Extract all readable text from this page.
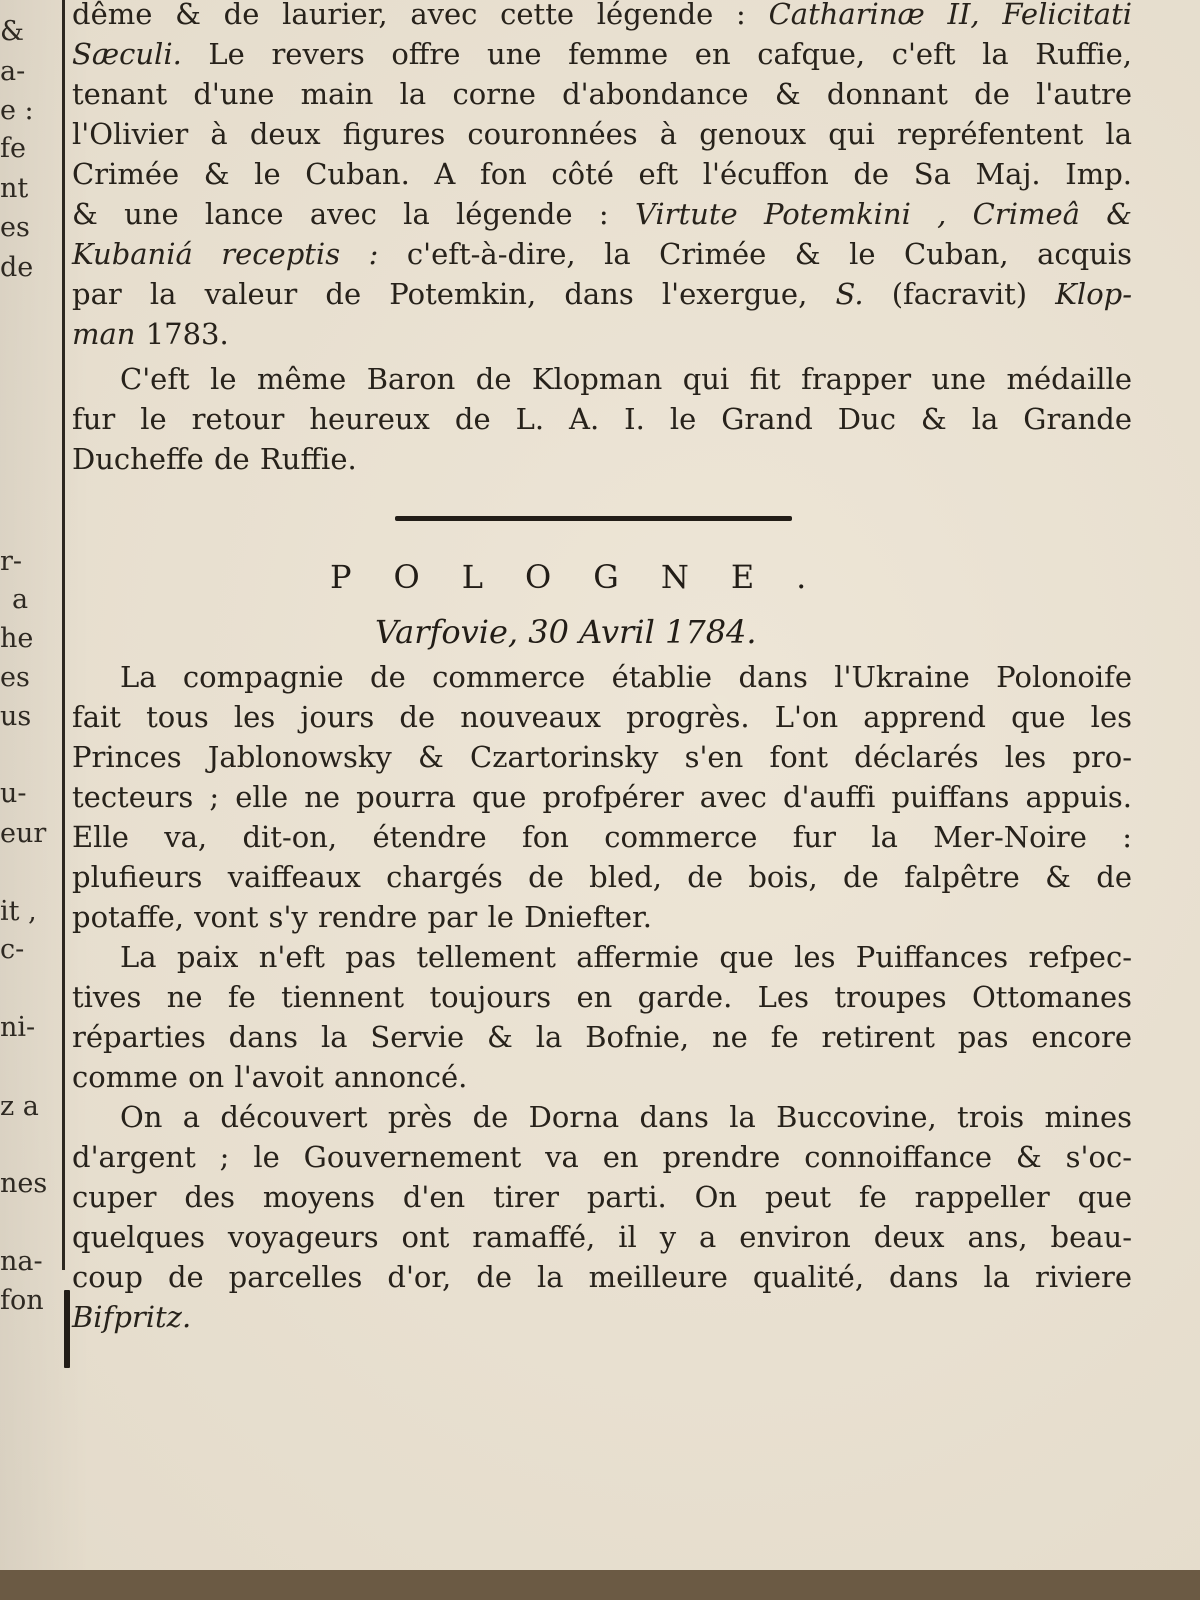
&
a-
e :
fe
nt
es
de
r-
a
he
es
us
u-
eur
it ,
c-
ni-
z a
nes
na-
fon
dême & de laurier, avec cette légende : Catharinæ II, Felicitati
Sæculi. Le revers offre une femme en cafque, c'eft la Ruffie,
tenant d'une main la corne d'abondance & donnant de l'autre
l'Olivier à deux figures couronnées à genoux qui repréfentent la
Crimée & le Cuban. A fon côté eft l'écuffon de Sa Maj. Imp.
& une lance avec la légende : Virtute Potemkini , Crimeâ &
Kubaniá receptis : c'eft-à-dire, la Crimée & le Cuban, acquis
par la valeur de Potemkin, dans l'exergue, S. (facravit) Klop-
man 1783.
C'eft le même Baron de Klopman qui fit frapper une médaille
fur le retour heureux de L. A. I. le Grand Duc & la Grande
Ducheffe de Ruffie.
La compagnie de commerce établie dans l'Ukraine Polonoife
fait tous les jours de nouveaux progrès. L'on apprend que les
Princes Jablonowsky & Czartorinsky s'en font déclarés les pro-
tecteurs ; elle ne pourra que profpérer avec d'auffi puiffans appuis.
Elle va, dit-on, étendre fon commerce fur la Mer-Noire :
plufieurs vaiffeaux chargés de bled, de bois, de falpêtre & de
potaffe, vont s'y rendre par le Dniefter.
La paix n'eft pas tellement affermie que les Puiffances refpec-
tives ne fe tiennent toujours en garde. Les troupes Ottomanes
réparties dans la Servie & la Bofnie, ne fe retirent pas encore
comme on l'avoit annoncé.
On a découvert près de Dorna dans la Buccovine, trois mines
d'argent ; le Gouvernement va en prendre connoiffance & s'oc-
cuper des moyens d'en tirer parti. On peut fe rappeller que
quelques voyageurs ont ramaffé, il y a environ deux ans, beau-
coup de parcelles d'or, de la meilleure qualité, dans la riviere
Bifpritz.
POLOGNE.
Varfovie, 30 Avril 1784.
